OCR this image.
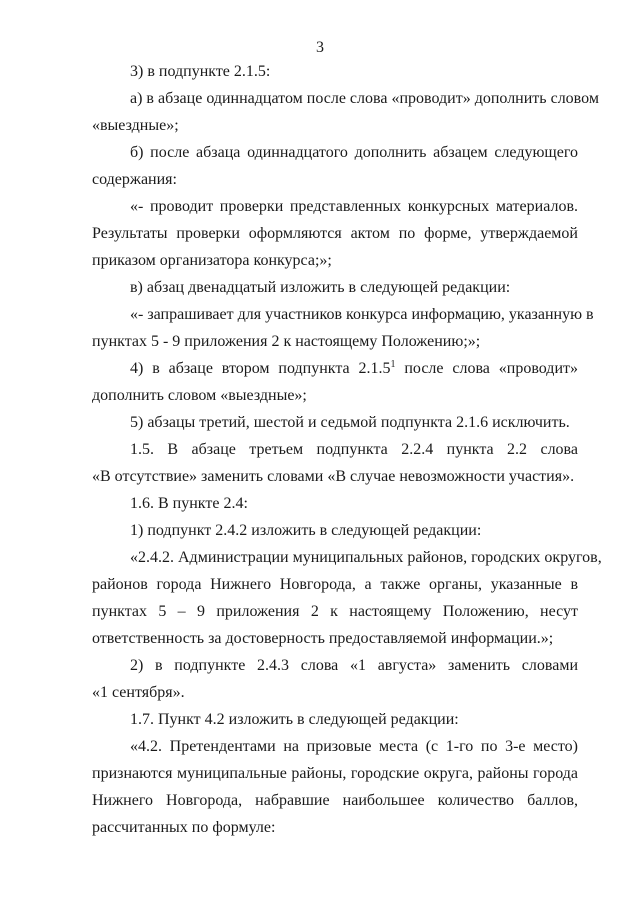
3
3) в подпункте 2.1.5:
а) в абзаце одиннадцатом после слова «проводит» дополнить словом
«выездные»;
б) после абзаца одиннадцатого дополнить абзацем следующего
содержания:
«- проводит проверки представленных конкурсных материалов.
Результаты проверки оформляются актом по форме, утверждаемой
приказом организатора конкурса;»;
в) абзац двенадцатый изложить в следующей редакции:
«- запрашивает для участников конкурса информацию, указанную в
пунктах 5 - 9 приложения 2 к настоящему Положению;»;
4) в абзаце втором подпункта 2.1.5$^1$ после слова «проводит»
дополнить словом «выездные»;
5) абзацы третий, шестой и седьмой подпункта 2.1.6 исключить.
1.5. В абзаце третьем подпункта 2.2.4 пункта 2.2 слова
«В отсутствие» заменить словами «В случае невозможности участия».
1.6. В пункте 2.4:
1) подпункт 2.4.2 изложить в следующей редакции:
«2.4.2. Администрации муниципальных районов, городских округов,
районов города Нижнего Новгорода, а также органы, указанные в
пунктах 5 – 9 приложения 2 к настоящему Положению, несут
ответственность за достоверность предоставляемой информации.»;
2) в подпункте 2.4.3 слова «1 августа» заменить словами
«1 сентября».
1.7. Пункт 4.2 изложить в следующей редакции:
«4.2. Претендентами на призовые места (с 1-го по 3-е место)
признаются муниципальные районы, городские округа, районы города
Нижнего Новгорода, набравшие наибольшее количество баллов,
рассчитанных по формуле:
